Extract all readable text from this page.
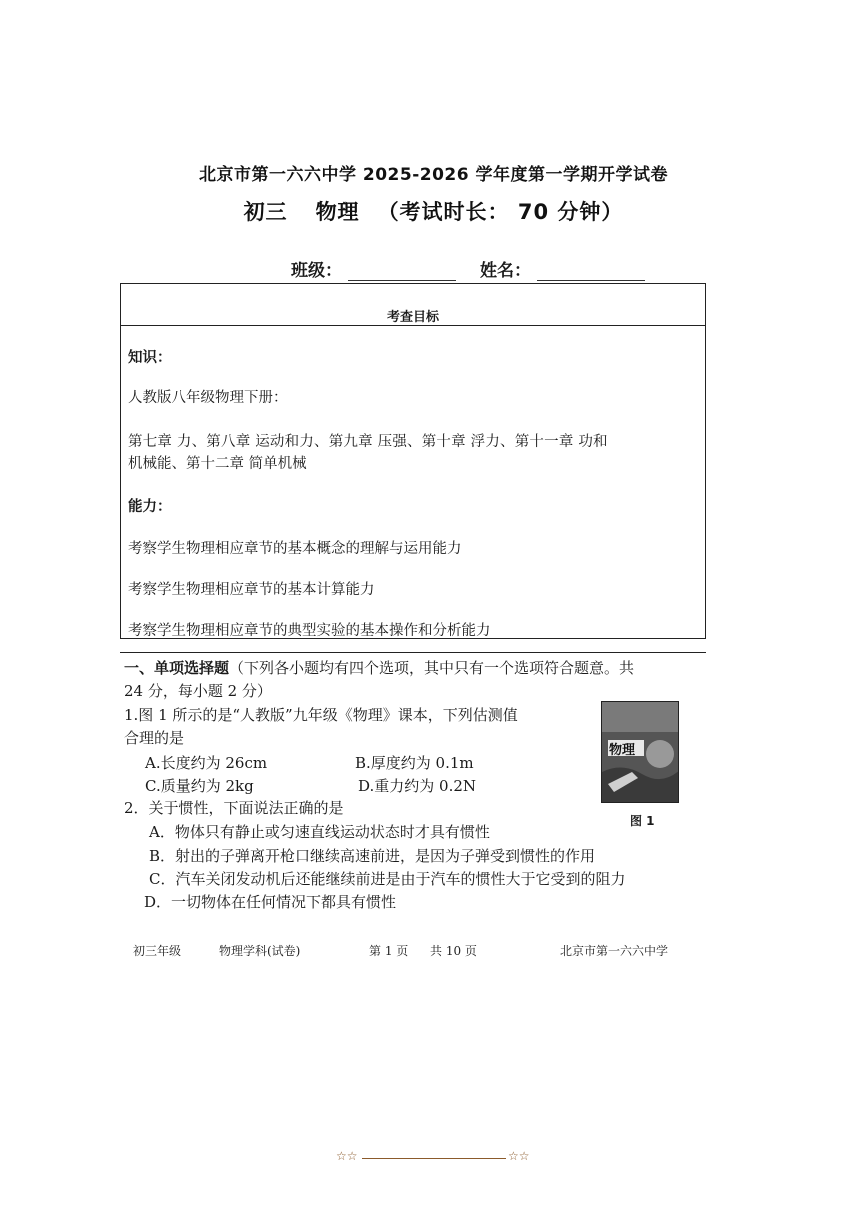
北京市第一六六中学 2025-2026 学年度第一学期开学试卷
初三 物理 （考试时长： 70 分钟）
班级：	姓名：
考查目标
知识：
人教版八年级物理下册：
第七章 力、第八章 运动和力、第九章 压强、第十章 浮力、第十一章 功和
机械能、第十二章 简单机械
能力：
考察学生物理相应章节的基本概念的理解与运用能力
考察学生物理相应章节的基本计算能力
考察学生物理相应章节的典型实验的基本操作和分析能力
一、单项选择题（下列各小题均有四个选项，其中只有一个选项符合题意。共
24 分，每小题 2 分）
1.图 1 所示的是“人教版”九年级《物理》课本，下列估测值
合理的是
A.长度约为 26cm	B.厚度约为 0.1m
C.质量约为 2kg	D.重力约为 0.2N
物理
图 1
2．关于惯性，下面说法正确的是
A．物体只有静止或匀速直线运动状态时才具有惯性
B．射出的子弹离开枪口继续高速前进，是因为子弹受到惯性的作用
C．汽车关闭发动机后还能继续前进是由于汽车的惯性大于它受到的阻力
D．一切物体在任何情况下都具有惯性
初三年级	物理学科(试卷)	第 1 页 共 10 页	北京市第一六六中学
☆☆	☆☆
